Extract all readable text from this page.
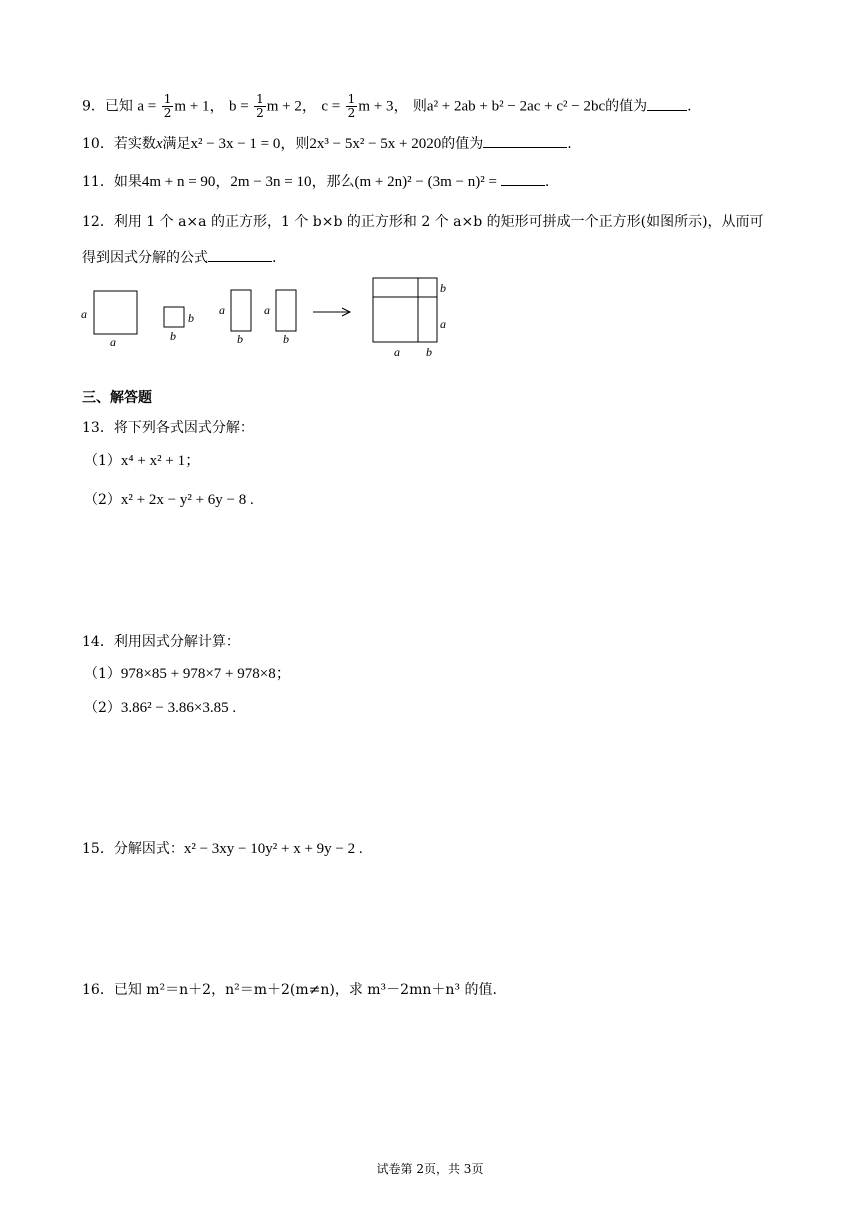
9．已知 $a = \frac{1}{2}$ m + 1， $b = \frac{1}{2}$ m + 2， $c = \frac{1}{2}$ m + 3， 则a² + 2ab + b² − 2ac + c² − 2bc的值为	.
10．若实数x满足x² − 3x − 1 = 0，则2x³ − 5x² − 5x + 2020的值为	.
11．如果4m + n = 90，2m − 3n = 10，那么(m + 2n)² − (3m − n)² =	.
12．利用 1 个 a×a 的正方形，1 个 b×b 的正方形和 2 个 a×b 的矩形可拼成一个正方形(如图所示)，从而可
得到因式分解的公式	.
a
a
b
b
a
b
a
b
b
a
a b
三、解答题
13．将下列各式因式分解：
（1）x⁴ + x² + 1；
（2）x² + 2x − y² + 6y − 8 .
14．利用因式分解计算：
（1）978×85 + 978×7 + 978×8；
（2）3.86² − 3.86×3.85 .
15．分解因式：x² − 3xy − 10y² + x + 9y − 2 .
16．已知 m²＝n＋2，n²＝m＋2(m≠n)，求 m³－2mn＋n³ 的值.
试卷第 2页，共 3页
